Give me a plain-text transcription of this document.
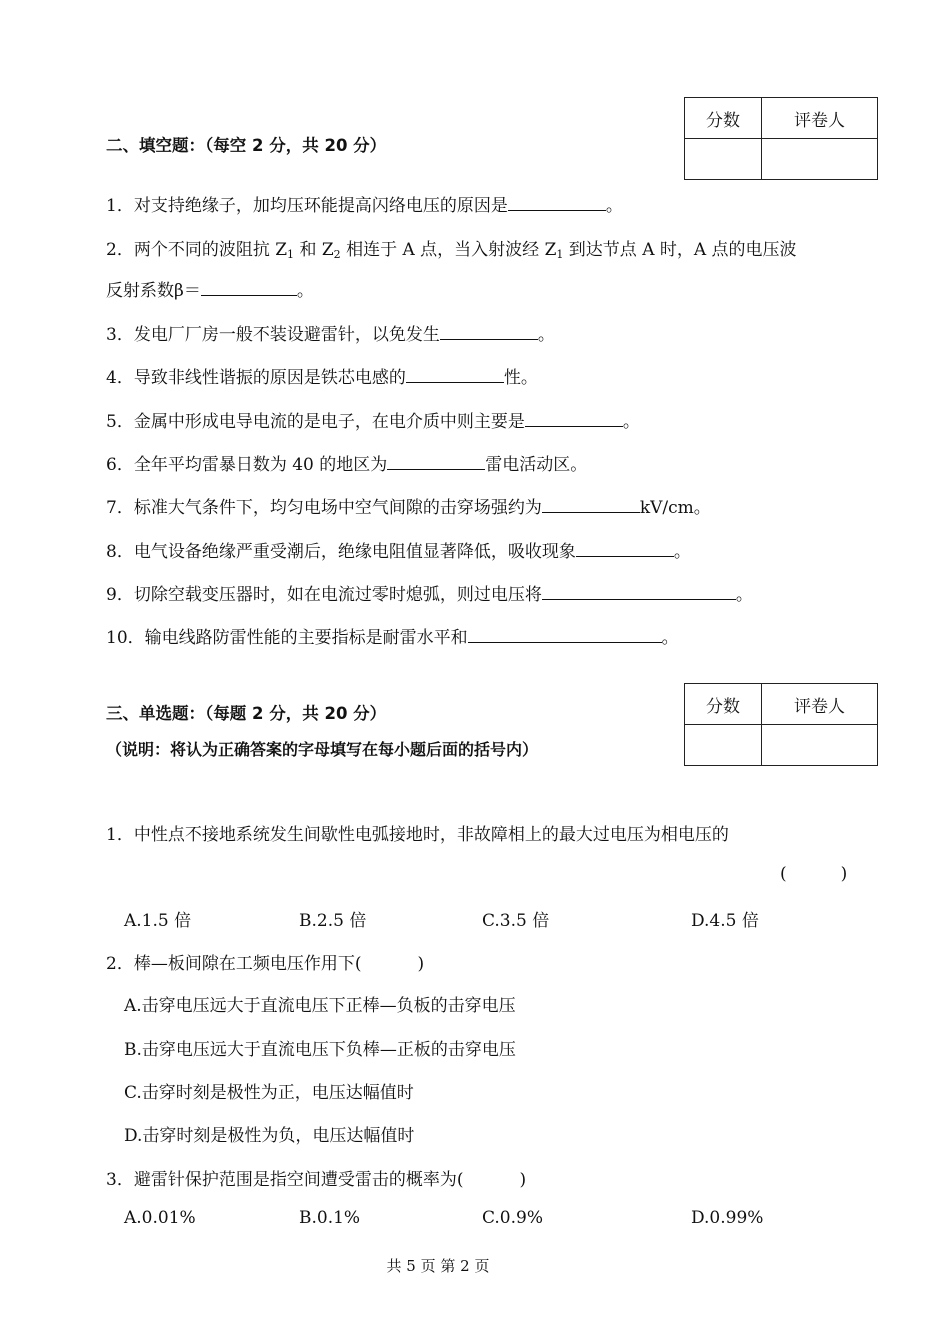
分数	评卷人

二、填空题：（每空 2 分，共 20 分）
1．对支持绝缘子，加均压环能提高闪络电压的原因是	。
2．两个不同的波阻抗 $Z_1$ 和 $Z_2$ 相连于 A 点，当入射波经 $Z_1$ 到达节点 A 时，A 点的电压波
反射系数β＝	。
3．发电厂厂房一般不装设避雷针，以免发生	。
4．导致非线性谐振的原因是铁芯电感的	性。
5．金属中形成电导电流的是电子，在电介质中则主要是	。
6．全年平均雷暴日数为 40 的地区为	雷电活动区。
7．标准大气条件下，均匀电场中空气间隙的击穿场强约为	kV/cm。
8．电气设备绝缘严重受潮后，绝缘电阻值显著降低，吸收现象	。
9．切除空载变压器时，如在电流过零时熄弧，则过电压将	。
10．输电线路防雷性能的主要指标是耐雷水平和	。
分数	评卷人

三、单选题：（每题 2 分，共 20 分）
（说明：将认为正确答案的字母填写在每小题后面的括号内）
1．中性点不接地系统发生间歇性电弧接地时，非故障相上的最大过电压为相电压的
(	)
A.1.5 倍	B.2.5 倍	C.3.5 倍	D.4.5 倍
2．棒—板间隙在工频电压作用下(	)
A.击穿电压远大于直流电压下正棒—负板的击穿电压
B.击穿电压远大于直流电压下负棒—正板的击穿电压
C.击穿时刻是极性为正，电压达幅值时
D.击穿时刻是极性为负，电压达幅值时
3．避雷针保护范围是指空间遭受雷击的概率为(	)
A.0.01%	B.0.1%	C.0.9%	D.0.99%
共 5 页 第 2 页
